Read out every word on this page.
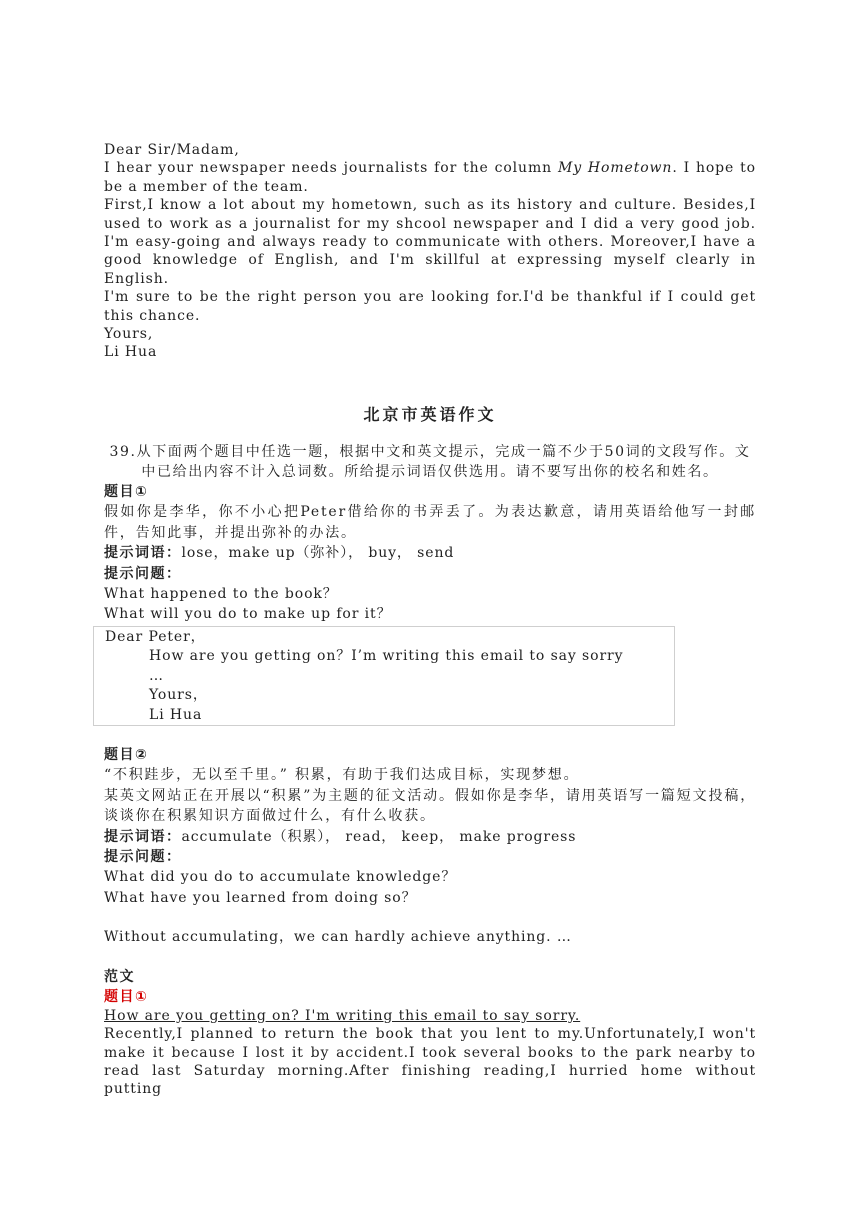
Dear Sir/Madam,

I hear your newspaper needs journalists for the column My Hometown. I hope to be a member of the team.

First,I know a lot about my hometown, such as its history and culture. Besides,I used to work as a journalist for my shcool newspaper and I did a very good job. I'm easy-going and always ready to communicate with others. Moreover,I have a good knowledge of English, and I'm skillful at expressing myself clearly in English.

I'm sure to be the right person you are looking for.I'd be thankful if I could get this chance.

Yours,

Li Hua

北京市英语作文

39.从下面两个题目中任选一题，根据中文和英文提示，完成一篇不少于50词的文段写作。文中已给出内容不计入总词数。所给提示词语仅供选用。请不要写出你的校名和姓名。

题目①

假如你是李华，你不小心把Peter借给你的书弄丢了。为表达歉意，请用英语给他写一封邮件，告知此事，并提出弥补的办法。

提示词语：lose，make up（弥补）， buy， send

提示问题：

What happened to the book？

What will you do to make up for it？

Dear Peter，

How are you getting on？I’m writing this email to say sorry

…

Yours，

Li Hua

题目②

“不积跬步，无以至千里。” 积累，有助于我们达成目标，实现梦想。

某英文网站正在开展以“积累”为主题的征文活动。假如你是李华，请用英语写一篇短文投稿，谈谈你在积累知识方面做过什么，有什么收获。

提示词语：accumulate（积累）， read， keep， make progress

提示问题：

What did you do to accumulate knowledge？

What have you learned from doing so？

Without accumulating，we can hardly achieve anything. …

范文

题目①

How are you getting on? I'm writing this email to say sorry.

Recently,I planned to return the book that you lent to my.Unfortunately,I won't make it because I lost it by accident.I took several books to the park nearby to read last Saturday morning.After finishing reading,I hurried home without putting
